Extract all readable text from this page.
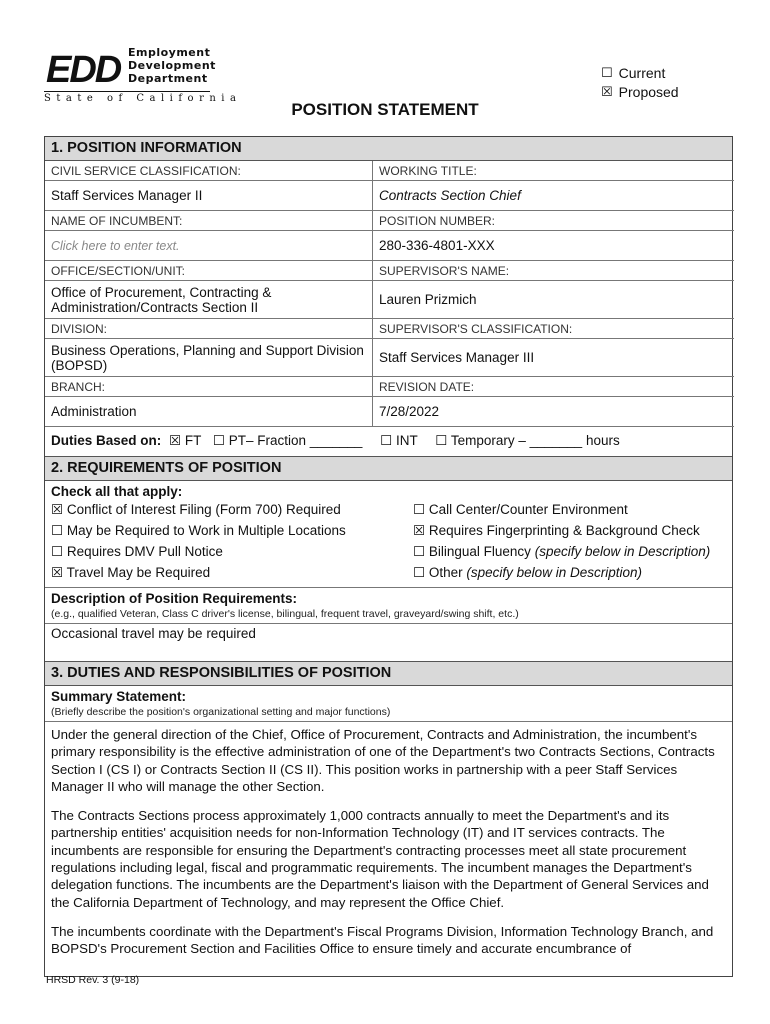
EDD Employment
Development
Department
State of California
☐ Current
☒ Proposed
POSITION STATEMENT
1. POSITION INFORMATION
CIVIL SERVICE CLASSIFICATION:	WORKING TITLE:
Staff Services Manager II	Contracts Section Chief
NAME OF INCUMBENT:	POSITION NUMBER:
Click here to enter text.	280-336-4801-XXX
OFFICE/SECTION/UNIT:	SUPERVISOR'S NAME:
Office of Procurement, Contracting & Administration/Contracts Section II	Lauren Prizmich
DIVISION:	SUPERVISOR'S CLASSIFICATION:
Business Operations, Planning and Support Division (BOPSD)	Staff Services Manager III
BRANCH:	REVISION DATE:
Administration	7/28/2022
Duties Based on: ☒ FT ☐ PT– Fraction _______ ☐ INT ☐ Temporary – _______ hours
2. REQUIREMENTS OF POSITION
Check all that apply:
☒ Conflict of Interest Filing (Form 700) Required	☐ Call Center/Counter Environment
☐ May be Required to Work in Multiple Locations	☒ Requires Fingerprinting & Background Check
☐ Requires DMV Pull Notice	☐ Bilingual Fluency (specify below in Description)
☒ Travel May be Required	☐ Other (specify below in Description)
Description of Position Requirements:
(e.g., qualified Veteran, Class C driver's license, bilingual, frequent travel, graveyard/swing shift, etc.)
Occasional travel may be required
3. DUTIES AND RESPONSIBILITIES OF POSITION
Summary Statement:
(Briefly describe the position's organizational setting and major functions)

Under the general direction of the Chief, Office of Procurement, Contracts and Administration, the incumbent's primary responsibility is the effective administration of one of the Department's two Contracts Sections, Contracts Section I (CS I) or Contracts Section II (CS II). This position works in partnership with a peer Staff Services Manager II who will manage the other Section.

The Contracts Sections process approximately 1,000 contracts annually to meet the Department's and its partnership entities' acquisition needs for non-Information Technology (IT) and IT services contracts. The incumbents are responsible for ensuring the Department's contracting processes meet all state procurement regulations including legal, fiscal and programmatic requirements. The incumbent manages the Department's delegation functions. The incumbents are the Department's liaison with the Department of General Services and the California Department of Technology, and may represent the Office Chief.

The incumbents coordinate with the Department's Fiscal Programs Division, Information Technology Branch, and BOPSD's Procurement Section and Facilities Office to ensure timely and accurate encumbrance of

HRSD Rev. 3 (9-18)
